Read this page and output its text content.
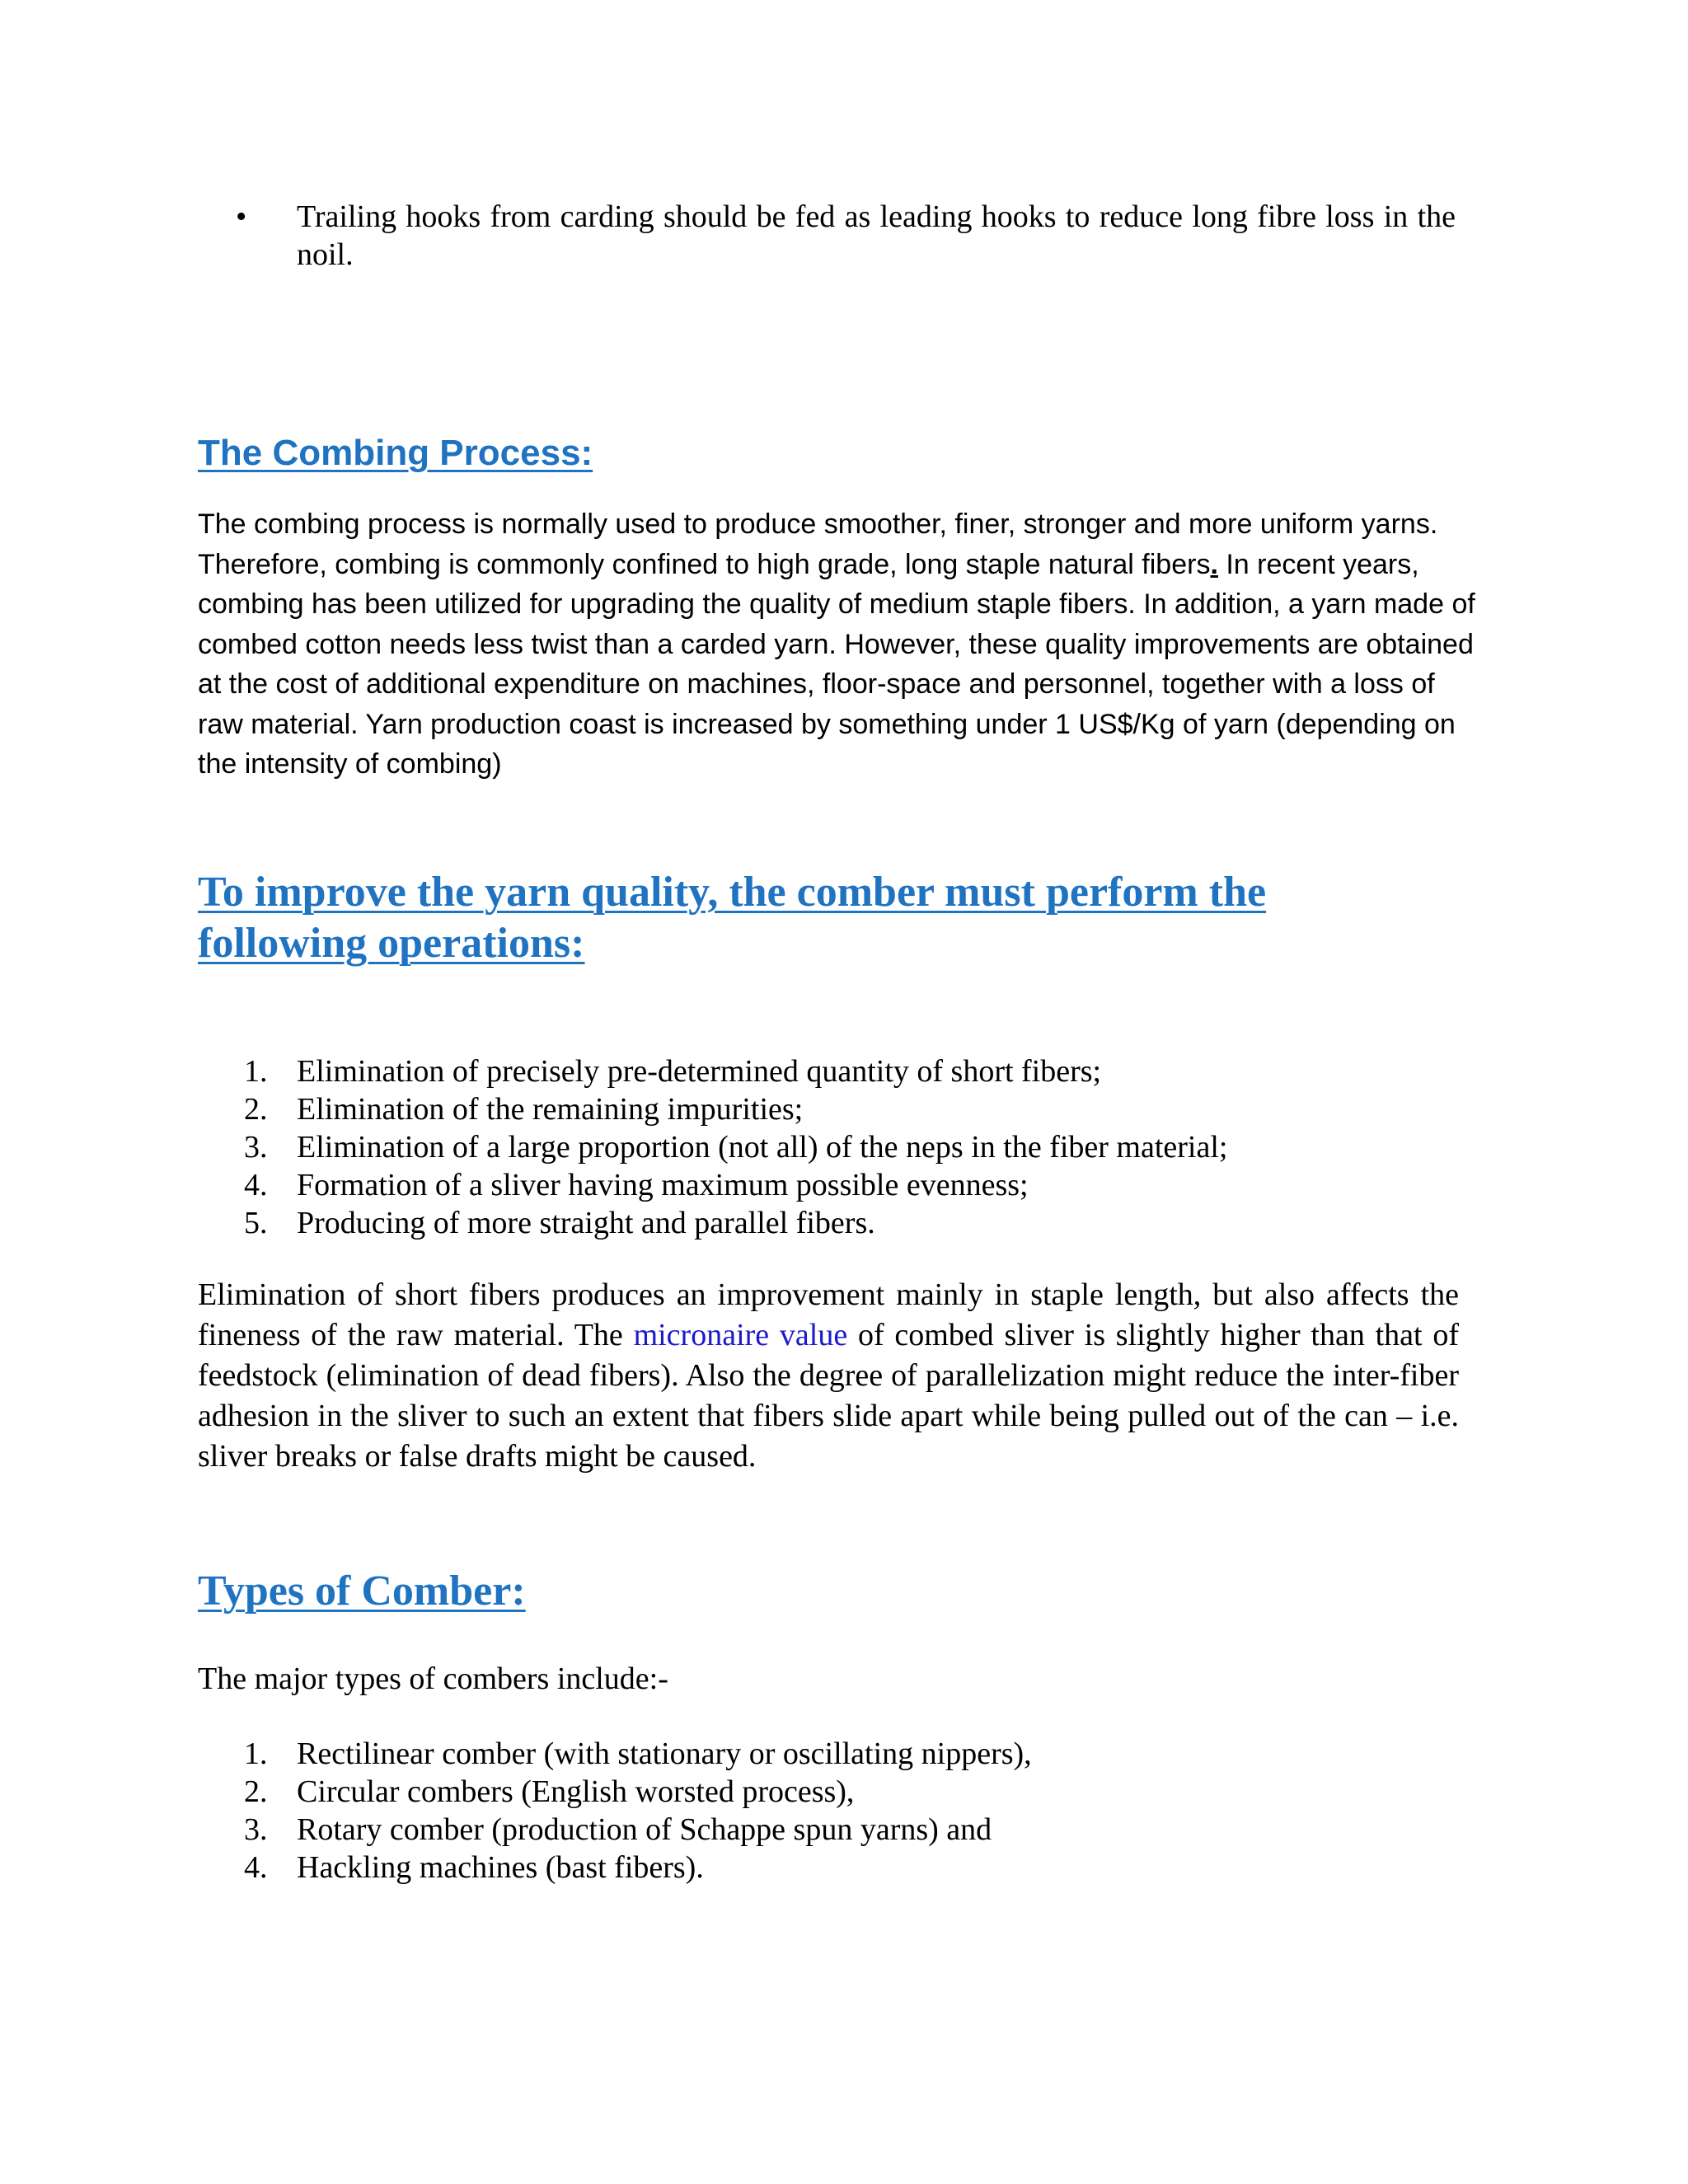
•	Trailing hooks from carding should be fed as leading hooks to reduce long fibre loss in the noil.
The Combing Process:

The combing process is normally used to produce smoother, finer, stronger and more uniform yarns. Therefore, combing is commonly confined to high grade, long staple natural fibers. In recent years, combing has been utilized for upgrading the quality of medium staple fibers. In addition, a yarn made of combed cotton needs less twist than a carded yarn. However, these quality improvements are obtained at the cost of additional expenditure on machines, floor-space and personnel, together with a loss of raw material. Yarn production coast is increased by something under 1 US$/Kg of yarn (depending on the intensity of combing)

To improve the yarn quality, the comber must perform the following operations:
1. Elimination of precisely pre-determined quantity of short fibers;
2. Elimination of the remaining impurities;
3. Elimination of a large proportion (not all) of the neps in the fiber material;
4. Formation of a sliver having maximum possible evenness;
5. Producing of more straight and parallel fibers.

Elimination of short fibers produces an improvement mainly in staple length, but also affects the fineness of the raw material. The micronaire value of combed sliver is slightly higher than that of feedstock (elimination of dead fibers). Also the degree of parallelization might reduce the inter-fiber adhesion in the sliver to such an extent that fibers slide apart while being pulled out of the can – i.e. sliver breaks or false drafts might be caused.

Types of Comber:

The major types of combers include:-

1. Rectilinear comber (with stationary or oscillating nippers),
2. Circular combers (English worsted process),
3. Rotary comber (production of Schappe spun yarns) and
4. Hackling machines (bast fibers).
